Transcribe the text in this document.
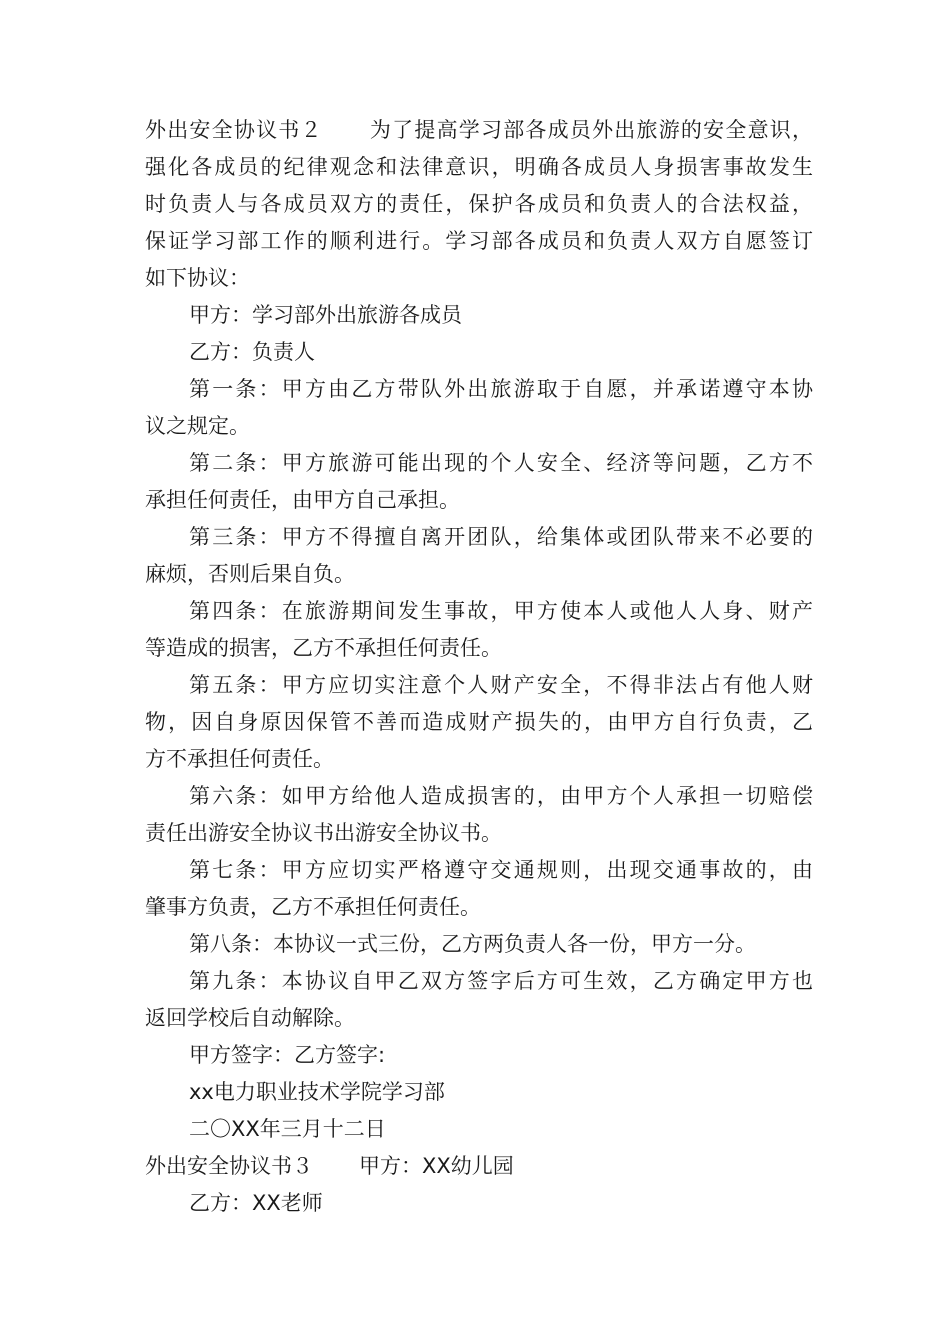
外出安全协议书２ 为了提高学习部各成员外出旅游的安全意识，
强化各成员的纪律观念和法律意识，明确各成员人身损害事故发生
时负责人与各成员双方的责任，保护各成员和负责人的合法权益，
保证学习部工作的顺利进行。学习部各成员和负责人双方自愿签订
如下协议：

甲方：学习部外出旅游各成员

乙方：负责人

第一条：甲方由乙方带队外出旅游取于自愿，并承诺遵守本协
议之规定。

第二条：甲方旅游可能出现的个人安全、经济等问题，乙方不
承担任何责任，由甲方自己承担。

第三条：甲方不得擅自离开团队，给集体或团队带来不必要的
麻烦，否则后果自负。

第四条：在旅游期间发生事故，甲方使本人或他人人身、财产
等造成的损害，乙方不承担任何责任。

第五条：甲方应切实注意个人财产安全，不得非法占有他人财
物，因自身原因保管不善而造成财产损失的，由甲方自行负责，乙
方不承担任何责任。

第六条：如甲方给他人造成损害的，由甲方个人承担一切赔偿
责任出游安全协议书出游安全协议书。

第七条：甲方应切实严格遵守交通规则，出现交通事故的，由
肇事方负责，乙方不承担任何责任。

第八条：本协议一式三份，乙方两负责人各一份，甲方一分。

第九条：本协议自甲乙双方签字后方可生效，乙方确定甲方也
返回学校后自动解除。

甲方签字：乙方签字:

xx电力职业技术学院学习部

二〇XX年三月十二日

外出安全协议书３ 甲方：XX幼儿园

乙方：XX老师
